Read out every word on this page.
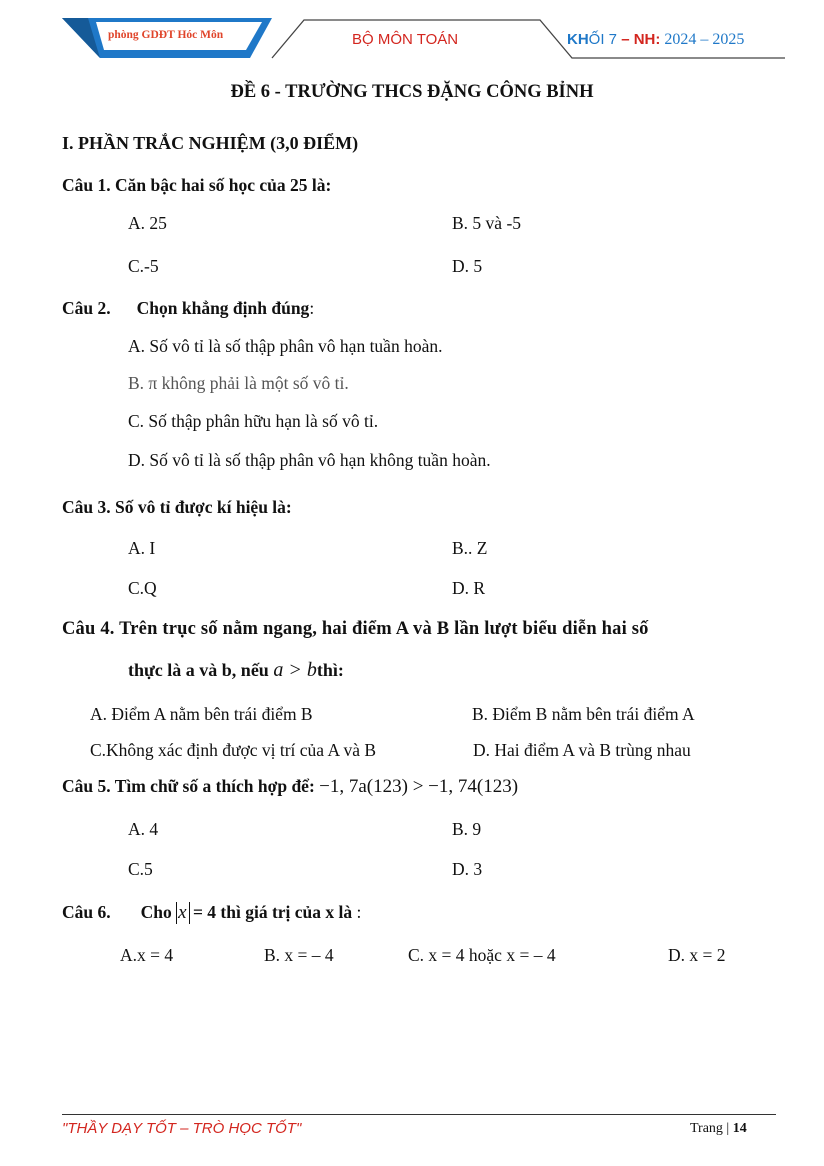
phòng GDĐT Hóc Môn	BỘ MÔN TOÁN	KHỐI 7 – NH: 2024 – 2025
ĐỀ 6 - TRƯỜNG THCS ĐẶNG CÔNG BỈNH
I. PHẦN TRẮC NGHIỆM (3,0 ĐIỂM)
Câu 1. Căn bậc hai số học của 25 là:
A. 25	B. 5 và -5
C.-5	D. 5
Câu 2. Chọn khẳng định đúng:
A. Số vô tỉ là số thập phân vô hạn tuần hoàn.
B. π không phải là một số vô tỉ.
C. Số thập phân hữu hạn là số vô tỉ.
D. Số vô tỉ là số thập phân vô hạn không tuần hoàn.
Câu 3. Số vô tỉ được kí hiệu là:
A. I	B.. Z
C.Q	D. R
Câu 4. Trên trục số nằm ngang, hai điểm A và B lần lượt biểu diễn hai số
thực là a và b, nếu a > bthì:
A. Điểm A nằm bên trái điểm B	B. Điểm B nằm bên trái điểm A
C.Không xác định được vị trí của A và B	D. Hai điểm A và B trùng nhau
Câu 5. Tìm chữ số a thích hợp để: −1, 7a(123) > −1, 74(123)
A. 4	B. 9
C.5	D. 3
Câu 6. Cho x = 4 thì giá trị của x là :
A.x = 4	B. x = – 4	C. x = 4 hoặc x = – 4	D. x = 2
"THẦY DẠY TỐT – TRÒ HỌC TỐT"	Trang | 14
